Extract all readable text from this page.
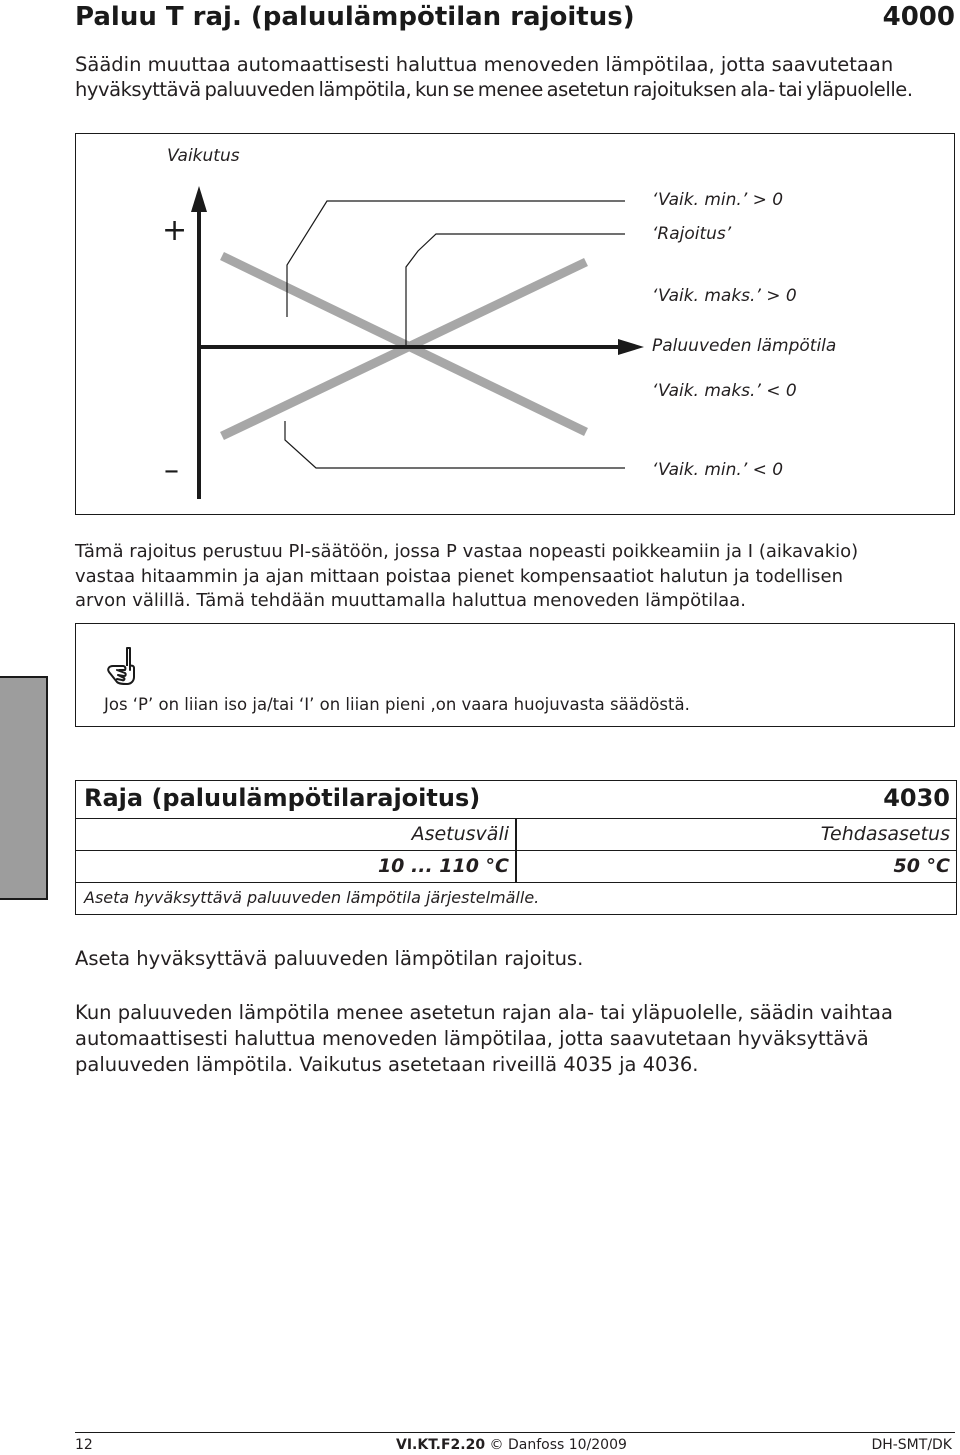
Paluu T raj. (paluulämpötilan rajoitus)	4000
Säädin muuttaa automaattisesti haluttua menoveden lämpötilaa, jotta saavutetaan
hyväksyttävä paluuveden lämpötila, kun se menee asetetun rajoituksen ala- tai yläpuolelle.
Vaikutus
+
–
‘Vaik. min.’ > 0
‘Rajoitus’
‘Vaik. maks.’ > 0
Paluuveden lämpötila
‘Vaik. maks.’ < 0
‘Vaik. min.’ < 0
Tämä rajoitus perustuu PI-säätöön, jossa P vastaa nopeasti poikkeamiin ja I (aikavakio)
vastaa hitaammin ja ajan mittaan poistaa pienet kompensaatiot halutun ja todellisen
arvon välillä. Tämä tehdään muuttamalla haluttua menoveden lämpötilaa.
Jos ‘P’ on liian iso ja/tai ‘I’ on liian pieni ,on vaara huojuvasta säädöstä.
Raja (paluulämpötilarajoitus)	4030
Asetusväli	Tehdasasetus
10 ... 110 °C	50 °C
Aseta hyväksyttävä paluuveden lämpötila järjestelmälle.
Aseta hyväksyttävä paluuveden lämpötilan rajoitus.
Kun paluuveden lämpötila menee asetetun rajan ala- tai yläpuolelle, säädin vaihtaa
automaattisesti haluttua menoveden lämpötilaa, jotta saavutetaan hyväksyttävä
paluuveden lämpötila. Vaikutus asetetaan riveillä 4035 ja 4036.
12	VI.KT.F2.20 © Danfoss 10/2009	DH-SMT/DK
